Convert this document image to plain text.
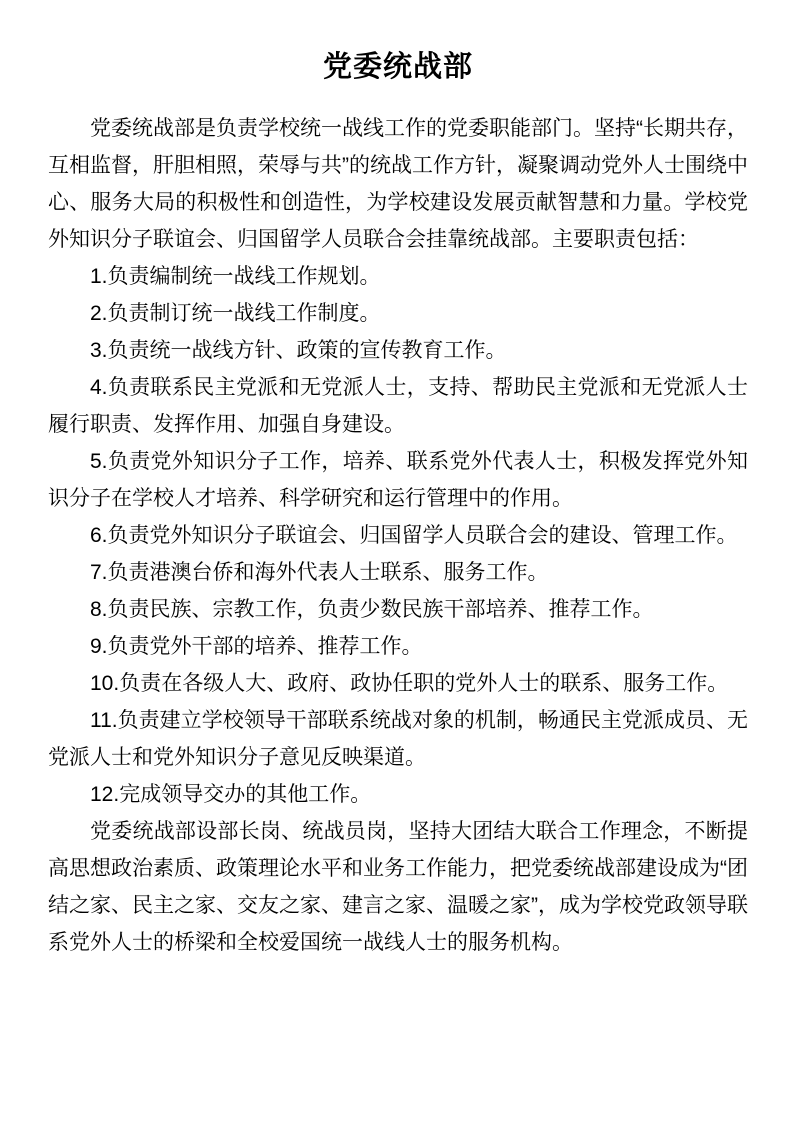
党委统战部

党委统战部是负责学校统一战线工作的党委职能部门。坚持“长期共存，互相监督，肝胆相照，荣辱与共”的统战工作方针，凝聚调动党外人士围绕中心、服务大局的积极性和创造性，为学校建设发展贡献智慧和力量。学校党外知识分子联谊会、归国留学人员联合会挂靠统战部。主要职责包括：

1.负责编制统一战线工作规划。

2.负责制订统一战线工作制度。

3.负责统一战线方针、政策的宣传教育工作。

4.负责联系民主党派和无党派人士，支持、帮助民主党派和无党派人士履行职责、发挥作用、加强自身建设。

5.负责党外知识分子工作，培养、联系党外代表人士，积极发挥党外知识分子在学校人才培养、科学研究和运行管理中的作用。

6.负责党外知识分子联谊会、归国留学人员联合会的建设、管理工作。

7.负责港澳台侨和海外代表人士联系、服务工作。

8.负责民族、宗教工作，负责少数民族干部培养、推荐工作。

9.负责党外干部的培养、推荐工作。

10.负责在各级人大、政府、政协任职的党外人士的联系、服务工作。

11.负责建立学校领导干部联系统战对象的机制，畅通民主党派成员、无党派人士和党外知识分子意见反映渠道。

12.完成领导交办的其他工作。

党委统战部设部长岗、统战员岗，坚持大团结大联合工作理念，不断提高思想政治素质、政策理论水平和业务工作能力，把党委统战部建设成为“团结之家、民主之家、交友之家、建言之家、温暖之家”，成为学校党政领导联系党外人士的桥梁和全校爱国统一战线人士的服务机构。
